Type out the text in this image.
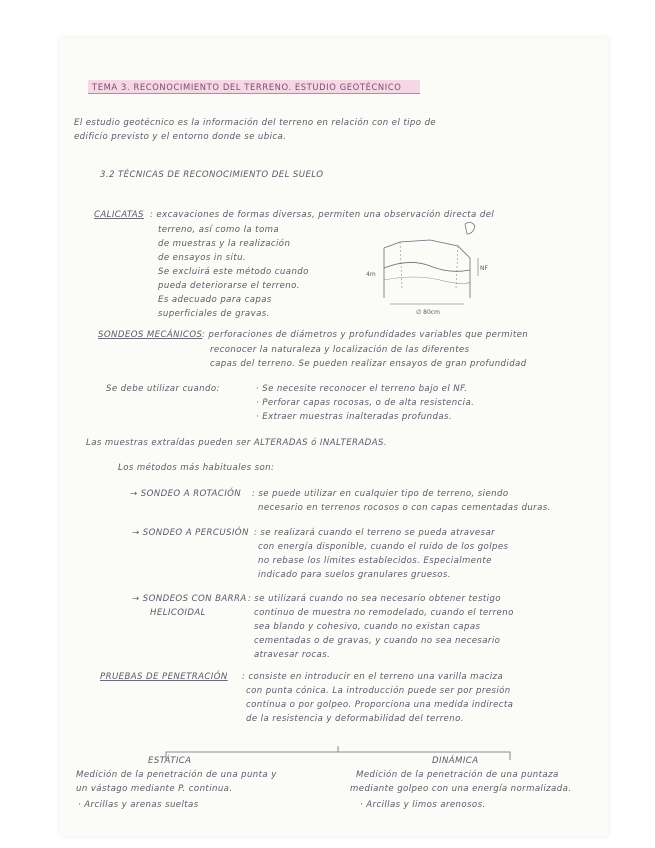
TEMA 3. RECONOCIMIENTO DEL TERRENO. ESTUDIO GEOTÉCNICO
El estudio geotécnico es la información del terreno en relación con el tipo de
edificio previsto y el entorno donde se ubica.
3.2 TÉCNICAS DE RECONOCIMIENTO DEL SUELO
CALICATAS : excavaciones de formas diversas, permiten una observación directa del
terreno, así como la toma
de muestras y la realización
de ensayos in situ.
Se excluirá este método cuando
pueda deteriorarse el terreno.
Es adecuado para capas
superficiales de gravas.
4m
∅ 80cm
NF
SONDEOS MECÁNICOS : perforaciones de diámetros y profundidades variables que permiten
reconocer la naturaleza y localización de las diferentes
capas del terreno. Se pueden realizar ensayos de gran profundidad
Se debe utilizar cuando:	· Se necesite reconocer el terreno bajo el NF.
· Perforar capas rocosas, o de alta resistencia.
· Extraer muestras inalteradas profundas.
Las muestras extraídas pueden ser ALTERADAS ó INALTERADAS.
Los métodos más habituales son:
→ SONDEO A ROTACIÓN : se puede utilizar en cualquier tipo de terreno, siendo
necesario en terrenos rocosos o con capas cementadas duras.
→ SONDEO A PERCUSIÓN : se realizará cuando el terreno se pueda atravesar
con energía disponible, cuando el ruido de los golpes
no rebase los límites establecidos. Especialmente
indicado para suelos granulares gruesos.
→ SONDEOS CON BARRA
HELICOIDAL
: se utilizará cuando no sea necesario obtener testigo
continuo de muestra no remodelado, cuando el terreno
sea blando y cohesivo, cuando no existan capas
cementadas o de gravas, y cuando no sea necesario
atravesar rocas.
PRUEBAS DE PENETRACIÓN : consiste en introducir en el terreno una varilla maciza
con punta cónica. La introducción puede ser por presión
continua o por golpeo. Proporciona una medida indirecta
de la resistencia y deformabilidad del terreno.
ESTÁTICA
Medición de la penetración de una punta y
un vástago mediante P. continua.
· Arcillas y arenas sueltas
DINÁMICA
Medición de la penetración de una puntaza
mediante golpeo con una energía normalizada.
· Arcillas y limos arenosos.
